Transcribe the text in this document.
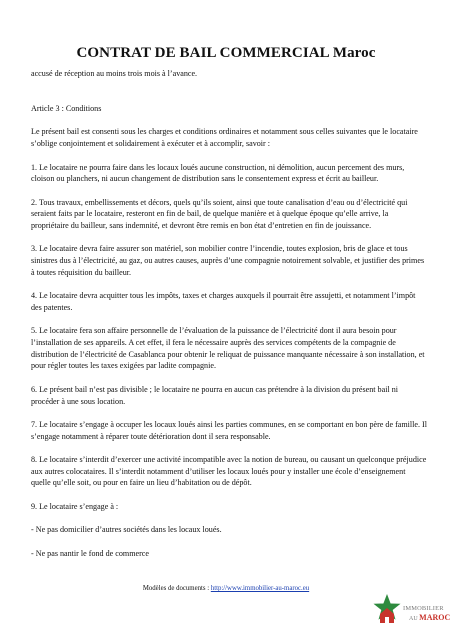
CONTRAT DE BAIL COMMERCIAL Maroc

accusé de réception au moins trois mois à l’avance.

Article 3 : Conditions

Le présent bail est consenti sous les charges et conditions ordinaires et notamment sous celles suivantes que le locataire s’oblige conjointement et solidairement à exécuter et à accomplir, savoir :

1. Le locataire ne pourra faire dans les locaux loués aucune construction, ni démolition, aucun percement des murs, cloison ou planchers, ni aucun changement de distribution sans le consentement express et écrit au bailleur.

2. Tous travaux, embellissements et décors, quels qu’ils soient, ainsi que toute canalisation d’eau ou d’électricité qui seraient faits par le locataire, resteront en fin de bail, de quelque manière et à quelque époque qu’elle arrive, la propriétaire du bailleur, sans indemnité, et devront être remis en bon état d’entretien en fin de jouissance.

3. Le locataire devra faire assurer son matériel, son mobilier contre l’incendie, toutes explosion, bris de glace et tous sinistres dus à l’électricité, au gaz, ou autres causes, auprès d’une compagnie notoirement solvable, et justifier des primes à toutes réquisition du bailleur.

4. Le locataire devra acquitter tous les impôts, taxes et charges auxquels il pourrait être assujetti, et notamment l’impôt des patentes.

5. Le locataire fera son affaire personnelle de l’évaluation de la puissance de l’électricité dont il aura besoin pour l’installation de ses appareils. A cet effet, il fera le nécessaire auprès des services compétents de la compagnie de distribution de l’électricité de Casablanca pour obtenir le reliquat de puissance manquante nécessaire à son installation, et pour régler toutes les taxes exigées par ladite compagnie.

6. Le présent bail n’est pas divisible ; le locataire ne pourra en aucun cas prétendre à la division du présent bail ni procéder à une sous location.

7. Le locataire s’engage à occuper les locaux loués ainsi les parties communes, en se comportant en bon père de famille. Il s’engage notamment à réparer toute détérioration dont il sera responsable.

8. Le locataire s’interdit d’exercer une activité incompatible avec la notion de bureau, ou causant un quelconque préjudice aux autres colocataires. Il s’interdit notamment d’utiliser les locaux loués pour y installer une école d’enseignement quelle qu’elle soit, ou pour en faire un lieu d’habitation ou de dépôt.

9. Le locataire s’engage à :

- Ne pas domicilier d’autres sociétés dans les locaux loués.

- Ne pas nantir le fond de commerce

Modèles de documents : http://www.immobilier-au-maroc.eu
IMMOBILIER
AU MAROC
